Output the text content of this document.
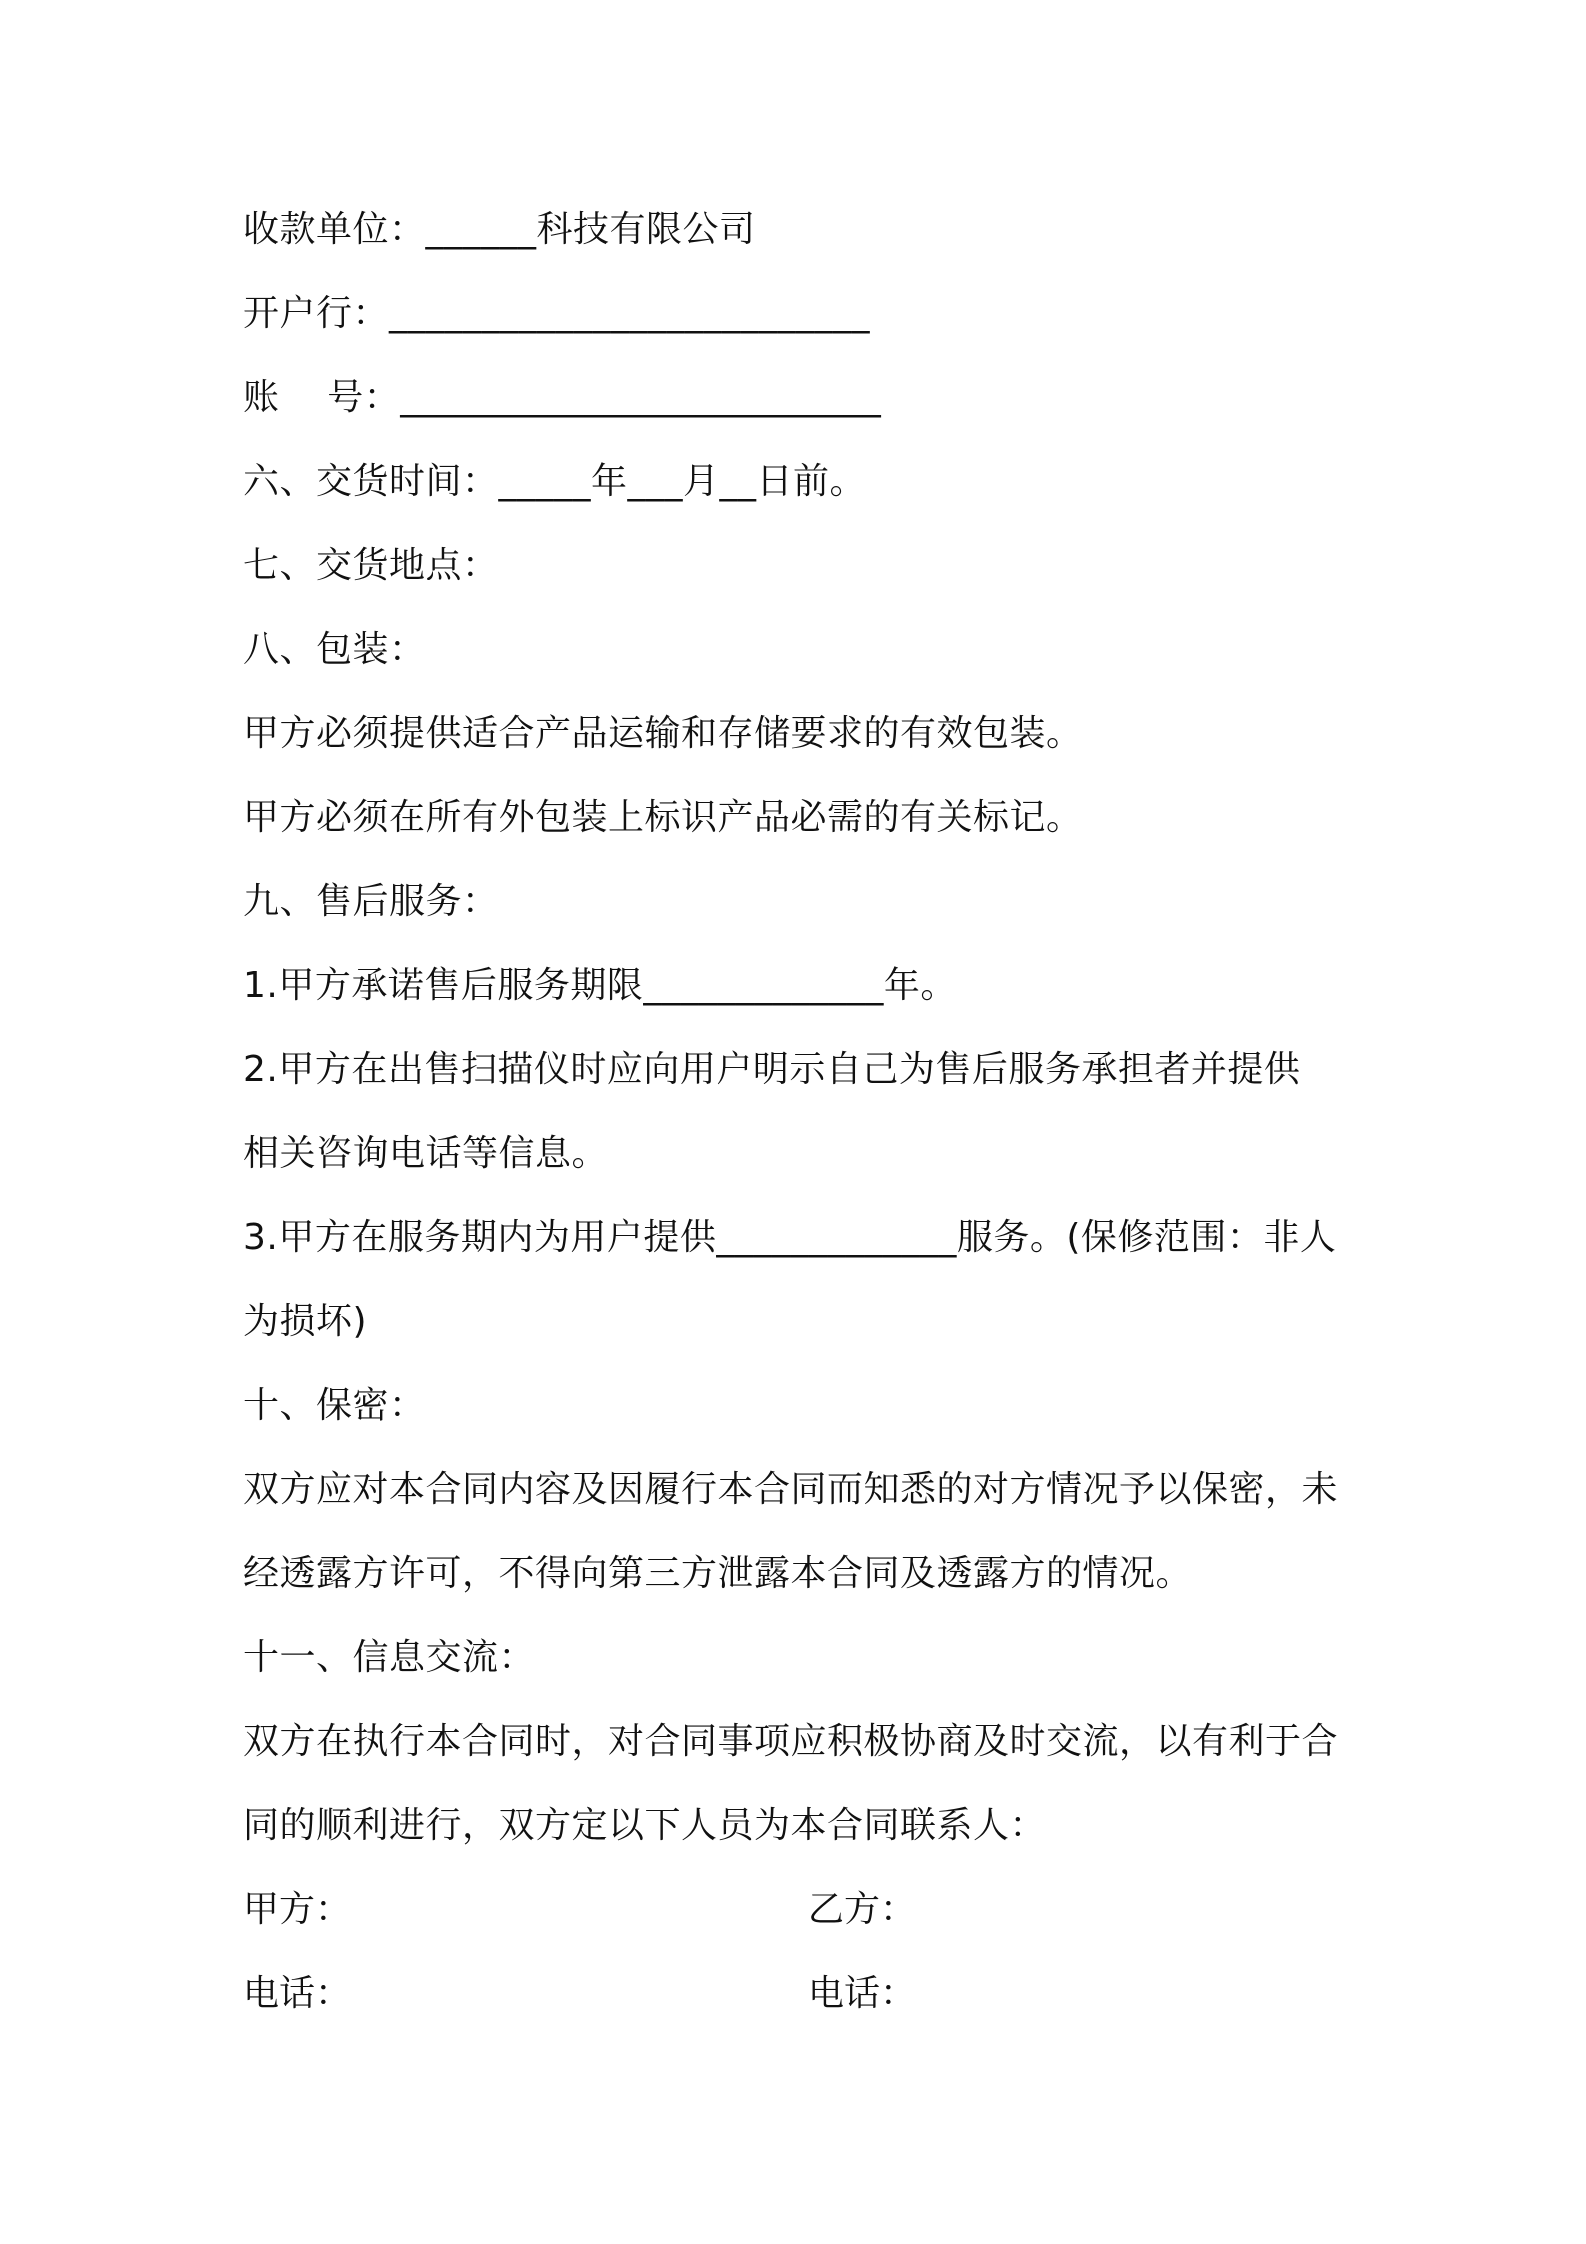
收款单位：______科技有限公司
开户行：__________________________
账    号：__________________________
六、交货时间：_____年___月__日前。
七、交货地点：
八、包装：
甲方必须提供适合产品运输和存储要求的有效包装。
甲方必须在所有外包装上标识产品必需的有关标记。
九、售后服务：
1.甲方承诺售后服务期限_____________年。
2.甲方在出售扫描仪时应向用户明示自己为售后服务承担者并提供
相关咨询电话等信息。
3.甲方在服务期内为用户提供_____________服务。(保修范围：非人
为损坏)
十、保密：
双方应对本合同内容及因履行本合同而知悉的对方情况予以保密，未
经透露方许可，不得向第三方泄露本合同及透露方的情况。
十一、信息交流：
双方在执行本合同时，对合同事项应积极协商及时交流，以有利于合
同的顺利进行，双方定以下人员为本合同联系人：
甲方：	乙方：
电话：	电话：
